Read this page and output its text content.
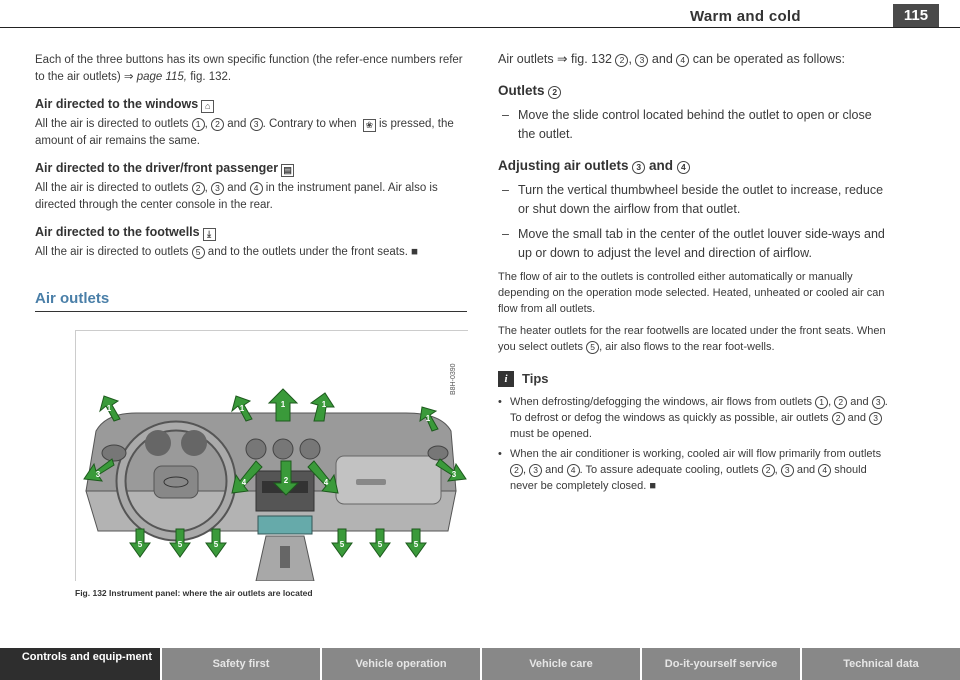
Warm and cold	115

Each of the three buttons has its own specific function (the refer-ence numbers refer to the air outlets) ⇒ page 115, fig. 132.

Air directed to the windows ⌂

All the air is directed to outlets 1 , 2 and 3 . Contrary to when ❀ is pressed, the amount of air remains the same.

Air directed to the driver/front passenger ▤

All the air is directed to outlets 2 , 3 and 4 in the instrument panel. Air also is directed through the center console in the rear.

Air directed to the footwells ⤓

All the air is directed to outlets 5 and to the outlets under the front seats. ■

Air outlets
1	1	1	1
1
3	3
4	2	4
5	5	5	5	5	5
B8H-0390
Fig. 132 Instrument panel: where the air outlets are located

Air outlets ⇒ fig. 132 2 , 3 and 4 can be operated as follows:

Outlets 2
– Move the slide control located behind the outlet to open or close the outlet.
Adjusting air outlets 3 and 4
– Turn the vertical thumbwheel beside the outlet to increase, reduce or shut down the airflow from that outlet.
– Move the small tab in the center of the outlet louver side-ways and up or down to adjust the level and direction of airflow.

The flow of air to the outlets is controlled either automatically or manually depending on the operation mode selected. Heated, unheated or cooled air can flow from all outlets.

The heater outlets for the rear footwells are located under the front seats. When you select outlets 5 , air also flows to the rear foot-wells.

i	Tips
• When defrosting/defogging the windows, air flows from outlets 1 , 2 and 3 . To defrost or defog the windows as quickly as possible, air outlets 2 and 3 must be opened.
• When the air conditioner is working, cooled air will flow primarily from outlets 2 , 3 and 4 . To assure adequate cooling, outlets 2 , 3 and 4 should never be completely closed. ■
Controls and equip-ment
Safety first	Vehicle operation	Vehicle care	Do-it-yourself service	Technical data
